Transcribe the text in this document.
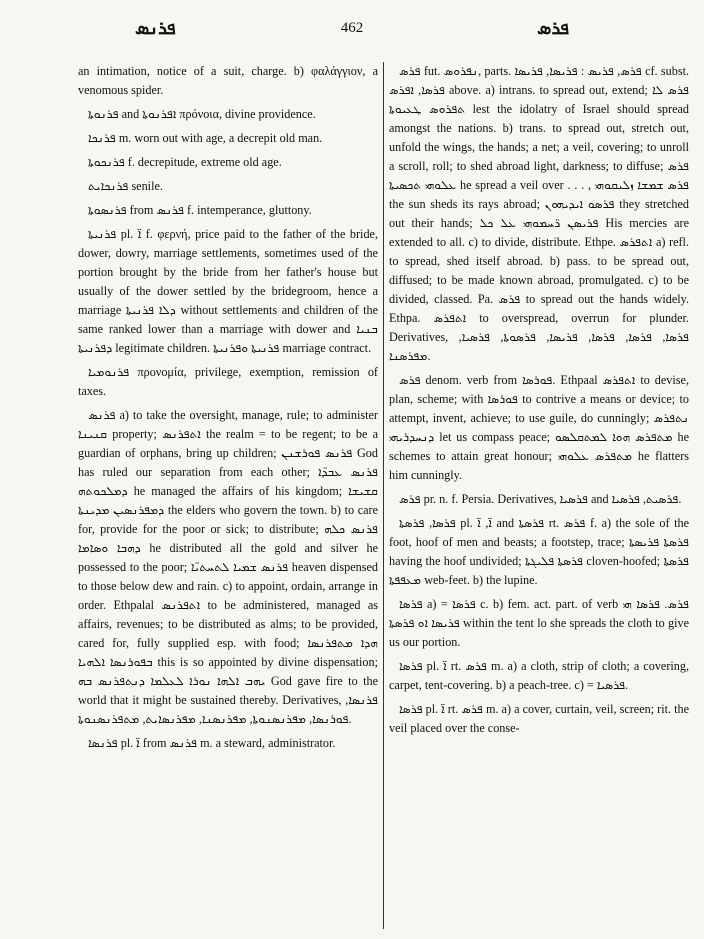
ܦܪܢܣ	462	ܦܪܣ

an intimation, notice of a suit, charge. b) φαλάγγιον, a venomous spider.

ܦܪܢܘܬܐ and ܐܦܪܢܘܬܐ πρόνοια, divine providence.

ܦܪܢܟܐ m. worn out with age, a decrepit old man.

ܦܪܢܟܘܬܐ f. decrepitude, extreme old age.

ܦܪܢܟܐܝܬ senile.

ܦܪܢܣܘܬܐ from ܦܪܢܣ f. intemperance, gluttony.

ܦܪܢܝܬܐ pl. ܐ̈ f. φερνή, price paid to the father of the bride, dower, dowry, marriage settlements, sometimes used of the portion brought by the bride from her father's house but usually of the dower settled by the bridegroom, hence a marriage ܕܠܐ ܦܪܢܝܬܐ without settlements and children of the same ranked lower than a marriage with dower and ܒܢܝܐ ܕܦܪܢܝܬܐ legitimate children. ܦܪܢܝܬܐ ܘܦܪܢܝܬܐ marriage contract.

ܦܪܢܘܡܝܐ προνομία, privilege, exemption, remission of taxes.

ܦܪܢܣ a) to take the oversight, manage, rule; to administer ܩܢܝܢܐ property; ܐܬܦܪܢܣ the realm = to be regent; to be a guardian of orphans, bring up children; ܦܪܢܣ ܦܘܪܫܢܢ God has ruled our separation from each other; ܦܪܢܣ ܥܒܕ̈ܐ ܕܡܠܟܘܬܗ he managed the affairs of his kingdom; ܩܫܝܫܐ ܕܡܦܪܢܣܝܢ ܡܕܝܢܬܐ the elders who govern the town. b) to care for, provide for the poor or sick; to distribute; ܦܪܢܣ ܟܠܗ ܕܗܒܐ ܘܣܐܡܐ he distributed all the gold and silver he possessed to the poor; ܦܪܢܣ ܫܡܝܐ ܠܬܚܬܝ̈ܐ heaven dispensed to those below dew and rain. c) to appoint, ordain, arrange in order. Ethpalal ܐܬܦܪܢܣ to be administered, managed as affairs, revenues; to be distributed as alms; to be provided, cared for, fully supplied esp. with food; ܗܕܐ ܡܬܦܪܢܣܐ ܒܦܘܪܢܣܐ ܐܠܗܝܐ this is so appointed by divine dispensation; ܝܗܒ ܐܠܗܐ ܢܘܪܐ ܠܥܠܡܐ ܕܢܬܦܪܢܣ ܒܗ God gave fire to the world that it might be sustained thereby. Derivatives, ܦܪܢܣܐ, ܦܘܪܢܣܐ, ܡܦܪܢܣܢܘܬܐ, ܡܦܪܢܣܢܐ, ܡܦܪܢܣܐܝܬ, ܡܬܦܪܢܣܢܘܬܐ.

ܦܪܢܣܐ pl. ܐ̈ from ܦܪܢܣ m. a steward, administrator.

ܦܪܣ fut. ܢܦܪܘܣ, parts. ܦܪܣ, ܦܪܝܣ : ܦܪܝܣܐ, ܦܪܝܣܐ cf. subst. ܦܪܣܐ, ܐܦܪܣ above. a) intrans. to spread out, extend; ܦܪܣ ܠܐ ܬܦܪܘܣ ܛܥܝܘܬܐ lest the idolatry of Israel should spread amongst the nations. b) trans. to spread out, stretch out, unfold the wings, the hands; a net; a veil, covering; to unroll a scroll, roll; to shed abroad light, darkness; to diffuse; ܦܪܣ ܥܠܘܗܝ ܬܟܣܝܬܐ he spread a veil over . . . , ܦܪܣ ܫܡܫܐ ܙܠܝܩܘܗܝ the sun sheds its rays abroad; ܦܪܣܘ ܐܝܕܝܗܘܢ they stretched out their hands; ܦܪܝܣܢ ܪ̈ܚܡܘܗܝ ܥܠ ܟܠ His mercies are extended to all. c) to divide, distribute. Ethpe. ܐܬܦܪܣ a) refl. to spread, shed itself abroad. b) pass. to be spread out, diffused; to be made known abroad, promulgated. c) to be divided, classed. Pa. ܦܪܣ to spread out the hands widely. Ethpa. ܐܬܦܪܣ to overspread, overrun for plunder. Derivatives, ܦܪܣܐ, ܦܪܣܐ, ܦܪܣܐ, ܦܪܝܣܐ, ܦܪܣܘܬܐ, ܦܪܣܝܐ, ܡܦܪܣܢܐ.

ܦܪܣ denom. verb from ܦܘܪܣܐ. Ethpaal ܐܬܦܪܣ to devise, plan, scheme; with ܦܘܪܣܐ to contrive a means or device; to attempt, invent, achieve; to use guile, do cunningly; ܢܬܦܪܣ ܕܢܚܕܪܝܗܝ let us compass peace; ܡܬܦܪܣ ܗܘܐ ܠܡܬܩܠܣܘ he schemes to attain great honour; ܡܬܦܪܣ ܥܠܘܗܝ he flatters him cunningly.

ܦܪܣ pr. n. f. Persia. Derivatives, ܦܪܣܝܐ and ܦܪܣܝܬ, ܦܪܣܝܐ.

ܦܪܣܐ, ܦܪܣܬܐ pl. ܐ̈, ܐ̈ and ܦܪܣܬܐ rt. ܦܪܣ f. a) the sole of the foot, hoof of men and beasts; a footstep, trace; ܦܪܣܬܐ ܦܪܝܣܬܐ having the hoof undivided; ܦܪܣܬܐ ܦܠܝܓܬܐ cloven-hoofed; ܦܪܣܬܐ ܡܥܦܦܬܐ web-feet. b) the lupine.

ܦܪܣܐ a) = ܦܪܣܐ c. b) fem. act. part. of verb ܦܪܣ. ܦܪܣܐ ܗܝ ܦܪܝܣܐ ܐܘ ܦܪܣܬܐ within the tent lo she spreads the cloth to give us our portion.

ܦܪܣܐ pl. ܐ̈ rt. ܦܪܣ m. a) a cloth, strip of cloth; a covering, carpet, tent-covering. b) a peach-tree. c) = ܦܪܣܝܐ.

ܦܪܣܐ pl. ܐ̈ rt. ܦܪܣ m. a) a cover, curtain, veil, screen; rit. the veil placed over the conse-
